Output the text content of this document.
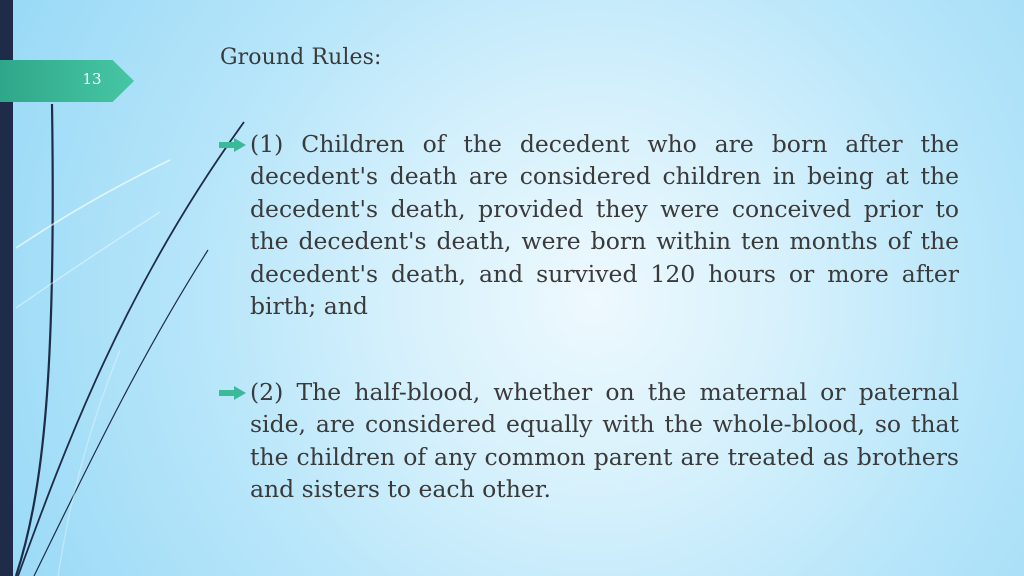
13
Ground Rules:
(1) Children of the decedent who are born after the decedent's death are considered children in being at the decedent's death, provided they were conceived prior to the decedent's death, were born within ten months of the decedent's death, and survived 120 hours or more after birth; and
(2) The half-blood, whether on the maternal or paternal side, are considered equally with the whole-blood, so that the children of any common parent are treated as brothers and sisters to each other.
